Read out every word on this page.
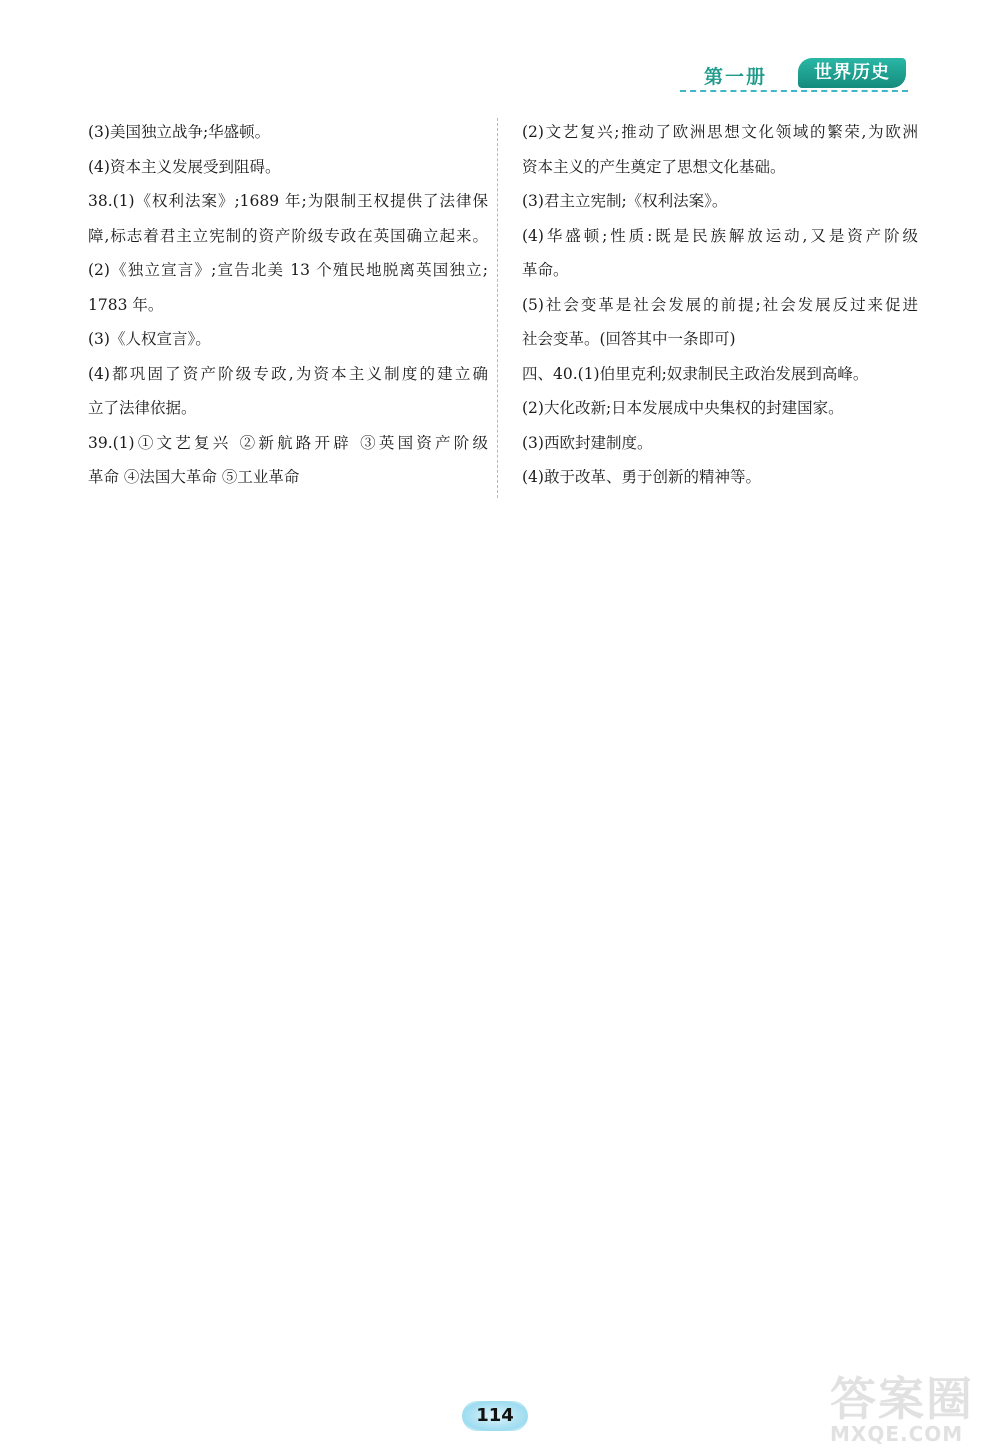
第一册	世界历史
(3)美国独立战争;华盛顿。
(4)资本主义发展受到阻碍。
38.(1)《权利法案》;1689 年;为限制王权提供了法律保
障,标志着君主立宪制的资产阶级专政在英国确立起来。
(2)《独立宣言》;宣告北美 13 个殖民地脱离英国独立;
1783 年。
(3)《人权宣言》。
(4)都巩固了资产阶级专政,为资本主义制度的建立确
立了法律依据。
39.(1)①文艺复兴 ②新航路开辟 ③英国资产阶级
革命 ④法国大革命 ⑤工业革命
(2)文艺复兴;推动了欧洲思想文化领域的繁荣,为欧洲
资本主义的产生奠定了思想文化基础。
(3)君主立宪制;《权利法案》。
(4)华盛顿;性质:既是民族解放运动,又是资产阶级
革命。
(5)社会变革是社会发展的前提;社会发展反过来促进
社会变革。(回答其中一条即可)
四、40.(1)伯里克利;奴隶制民主政治发展到高峰。
(2)大化改新;日本发展成中央集权的封建国家。
(3)西欧封建制度。
(4)敢于改革、勇于创新的精神等。
114	答案圈
MXQE.COM
